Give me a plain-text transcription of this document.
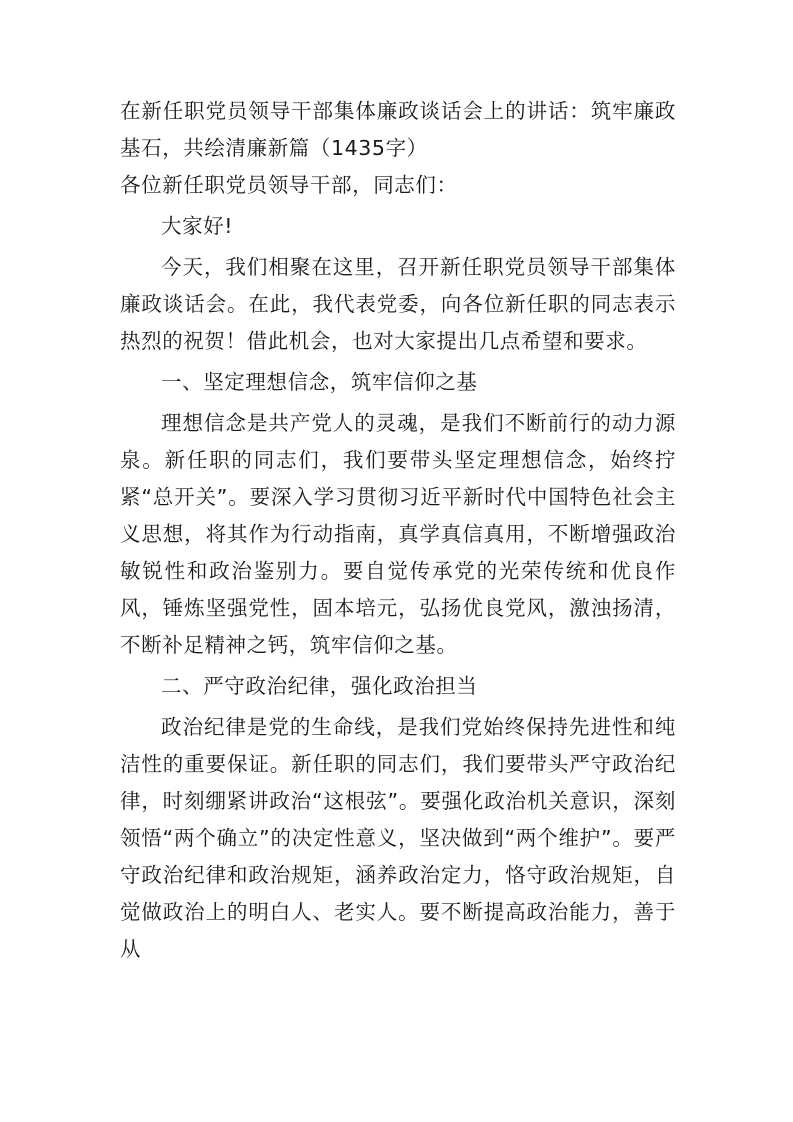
在新任职党员领导干部集体廉政谈话会上的讲话：筑牢廉政基石，共绘清廉新篇（1435字）

各位新任职党员领导干部，同志们：

大家好!

今天，我们相聚在这里，召开新任职党员领导干部集体廉政谈话会。在此，我代表党委，向各位新任职的同志表示热烈的祝贺！借此机会，也对大家提出几点希望和要求。

一、坚定理想信念，筑牢信仰之基

理想信念是共产党人的灵魂，是我们不断前行的动力源泉。新任职的同志们，我们要带头坚定理想信念，始终拧紧“总开关”。要深入学习贯彻习近平新时代中国特色社会主义思想，将其作为行动指南，真学真信真用，不断增强政治敏锐性和政治鉴别力。要自觉传承党的光荣传统和优良作风，锤炼坚强党性，固本培元，弘扬优良党风，激浊扬清，不断补足精神之钙，筑牢信仰之基。

二、严守政治纪律，强化政治担当

政治纪律是党的生命线，是我们党始终保持先进性和纯洁性的重要保证。新任职的同志们，我们要带头严守政治纪律，时刻绷紧讲政治“这根弦”。要强化政治机关意识，深刻领悟“两个确立”的决定性意义，坚决做到“两个维护”。要严守政治纪律和政治规矩，涵养政治定力，恪守政治规矩，自觉做政治上的明白人、老实人。要不断提高政治能力，善于从
